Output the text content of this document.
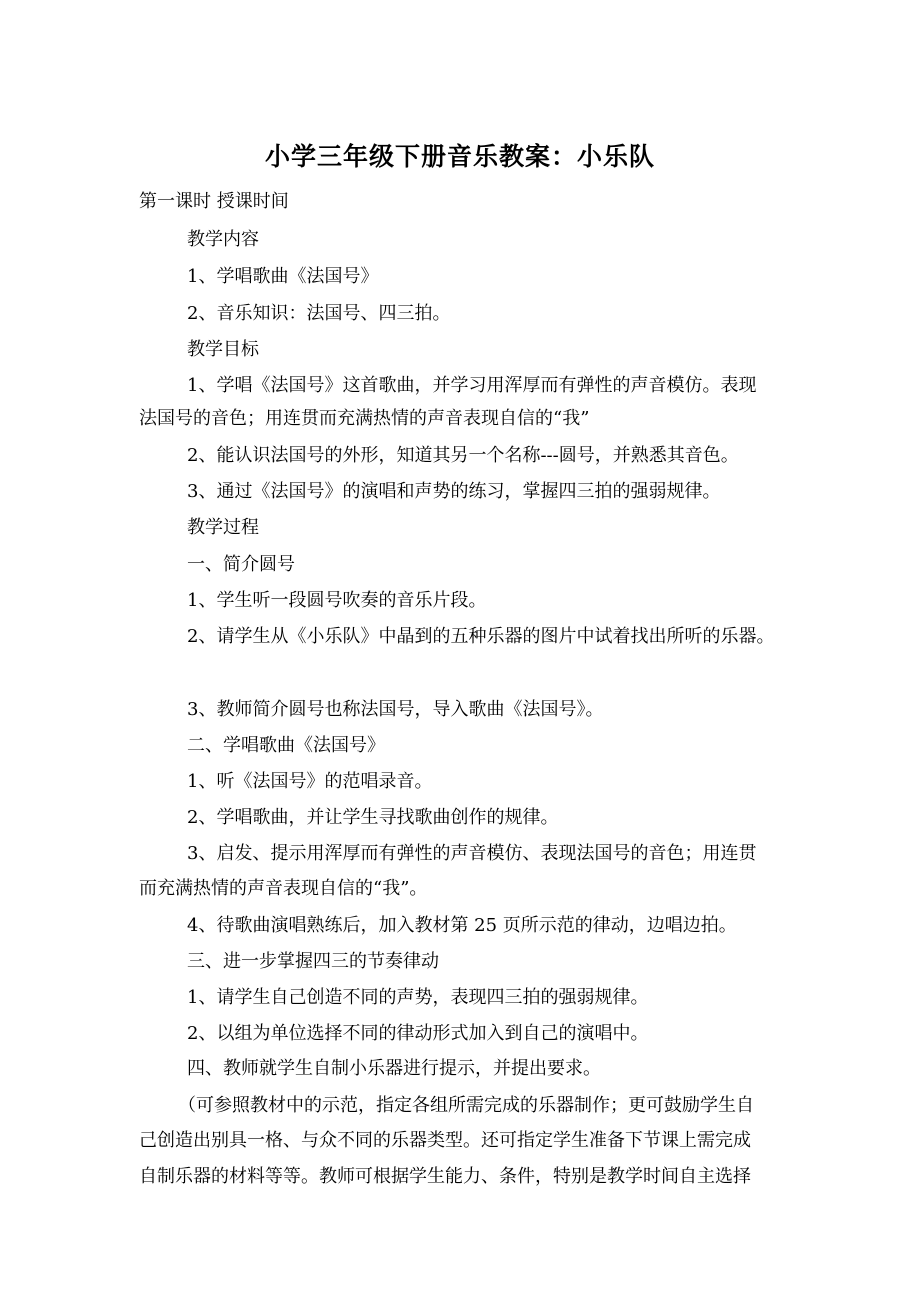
小学三年级下册音乐教案：小乐队
第一课时 授课时间
教学内容
1、学唱歌曲《法国号》
2、音乐知识：法国号、四三拍。
教学目标
1、学唱《法国号》这首歌曲，并学习用浑厚而有弹性的声音模仿。表现
法国号的音色；用连贯而充满热情的声音表现自信的“我”
2、能认识法国号的外形，知道其另一个名称---圆号，并熟悉其音色。
3、通过《法国号》的演唱和声势的练习，掌握四三拍的强弱规律。
教学过程
一、简介圆号
1、学生听一段圆号吹奏的音乐片段。
2、请学生从《小乐队》中晶到的五种乐器的图片中试着找出所听的乐器。
3、教师简介圆号也称法国号，导入歌曲《法国号》。
二、学唱歌曲《法国号》
1、听《法国号》的范唱录音。
2、学唱歌曲，并让学生寻找歌曲创作的规律。
3、启发、提示用浑厚而有弹性的声音模仿、表现法国号的音色；用连贯
而充满热情的声音表现自信的“我”。
4、待歌曲演唱熟练后，加入教材第 25 页所示范的律动，边唱边拍。
三、进一步掌握四三的节奏律动
1、请学生自己创造不同的声势，表现四三拍的强弱规律。
2、以组为单位选择不同的律动形式加入到自己的演唱中。
四、教师就学生自制小乐器进行提示，并提出要求。
（可参照教材中的示范，指定各组所需完成的乐器制作；更可鼓励学生自
己创造出别具一格、与众不同的乐器类型。还可指定学生准备下节课上需完成
自制乐器的材料等等。教师可根据学生能力、条件，特别是教学时间自主选择
